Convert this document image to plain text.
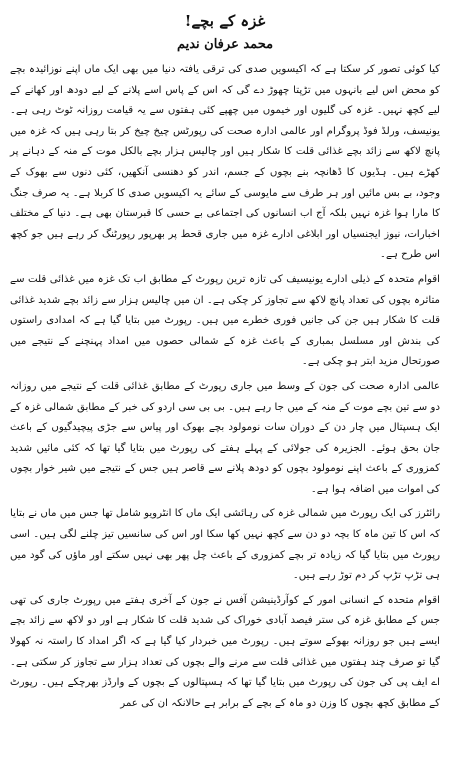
غزہ کے بچے!
محمد عرفان ندیم

کیا کوئی تصور کر سکتا ہے کہ اکیسویں صدی کی ترقی یافتہ دنیا میں بھی ایک ماں اپنے نوزائیدہ بچے کو محض اس لیے بانہوں میں تڑپتا چھوڑ دے گی کہ اس کے پاس اسے پلانے کے لیے دودھ اور کھانے کے لیے کچھ نہیں۔ غزہ کی گلیوں اور خیموں میں چھپے کئی ہفتوں سے یہ قیامت روزانہ ٹوٹ رہی ہے۔ یونیسف، ورلڈ فوڈ پروگرام اور عالمی ادارہ صحت کی رپورٹس چیخ چیخ کر بتا رہی ہیں کہ غزہ میں پانچ لاکھ سے زائد بچے غذائی قلت کا شکار ہیں اور چالیس ہزار بچے بالکل موت کے منہ کے دہانے پر کھڑے ہیں۔ ہڈیوں کا ڈھانچہ بنے بچوں کے جسم، اندر کو دھنسی آنکھیں، کئی دنوں سے بھوک کے وجود، بے بس مائیں اور ہر طرف سے مایوسی کے سائے یہ اکیسویں صدی کا کربلا ہے۔ یہ صرف جنگ کا مارا ہوا غزہ نہیں بلکہ آج اب انسانوں کی اجتماعی بے حسی کا قبرستان بھی ہے۔ دنیا کے مختلف اخبارات، نیوز ایجنسیاں اور ابلاغی ادارے غزہ میں جاری قحط پر بھرپور رپورٹنگ کر رہے ہیں جو کچھ اس طرح ہے۔

اقوام متحدہ کے ذیلی ادارے یونیسیف کی تازہ ترین رپورٹ کے مطابق اب تک غزہ میں غذائی قلت سے متاثرہ بچوں کی تعداد پانچ لاکھ سے تجاوز کر چکی ہے۔ ان میں چالیس ہزار سے زائد بچے شدید غذائی قلت کا شکار ہیں جن کی جانیں فوری خطرے میں ہیں۔ رپورٹ میں بتایا گیا ہے کہ امدادی راستوں کی بندش اور مسلسل بمباری کے باعث غزہ کے شمالی حصوں میں امداد پہنچنے کے نتیجے میں صورتحال مزید ابتر ہو چکی ہے۔

عالمی ادارہ صحت کی جون کے وسط میں جاری رپورٹ کے مطابق غذائی قلت کے نتیجے میں روزانہ دو سے تین بچے موت کے منہ کے میں جا رہے ہیں۔ بی بی سی اردو کی خبر کے مطابق شمالی غزہ کے ایک ہسپتال میں چار دن کے دوران سات نومولود بچے بھوک اور پیاس سے جڑی پیچیدگیوں کے باعث جان بحق ہوئے۔ الجزیرہ کی جولائی کے پہلے ہفتے کی رپورٹ میں بتایا گیا تھا کہ کئی مائیں شدید کمزوری کے باعث اپنے نومولود بچوں کو دودھ پلانے سے قاصر ہیں جس کے نتیجے میں شیر خوار بچوں کی اموات میں اضافہ ہوا ہے۔

رائٹرز کی ایک رپورٹ میں شمالی غزہ کی رہائشی ایک ماں کا انٹرویو شامل تھا جس میں ماں نے بتایا کہ اس کا تین ماہ کا بچہ دو دن سے کچھ نہیں کھا سکا اور اس کی سانسیں تیز چلنے لگی ہیں۔ اسی رپورٹ میں بتایا گیا کہ زیادہ تر بچے کمزوری کے باعث چل پھر بھی نہیں سکتے اور ماؤں کی گود میں ہی تڑپ تڑپ کر دم توڑ رہے ہیں۔

اقوام متحدہ کے انسانی امور کے کوآرڈینیشن آفس نے جون کے آخری ہفتے میں رپورٹ جاری کی تھی جس کے مطابق غزہ کی ستر فیصد آبادی خوراک کی شدید قلت کا شکار ہے اور دو لاکھ سے زائد بچے ایسے ہیں جو روزانہ بھوکے سوتے ہیں۔ رپورٹ میں خبردار کیا گیا ہے کہ اگر امداد کا راستہ نہ کھولا گیا تو صرف چند ہفتوں میں غذائی قلت سے مرنے والے بچوں کی تعداد ہزار سے تجاوز کر سکتی ہے۔ اے ایف پی کی جون کی رپورٹ میں بتایا گیا تھا کہ ہسپتالوں کے بچوں کے وارڈز بھرچکے ہیں۔ رپورٹ کے مطابق کچھ بچوں کا وزن دو ماہ کے بچے کے برابر ہے حالانکہ ان کی عمر
